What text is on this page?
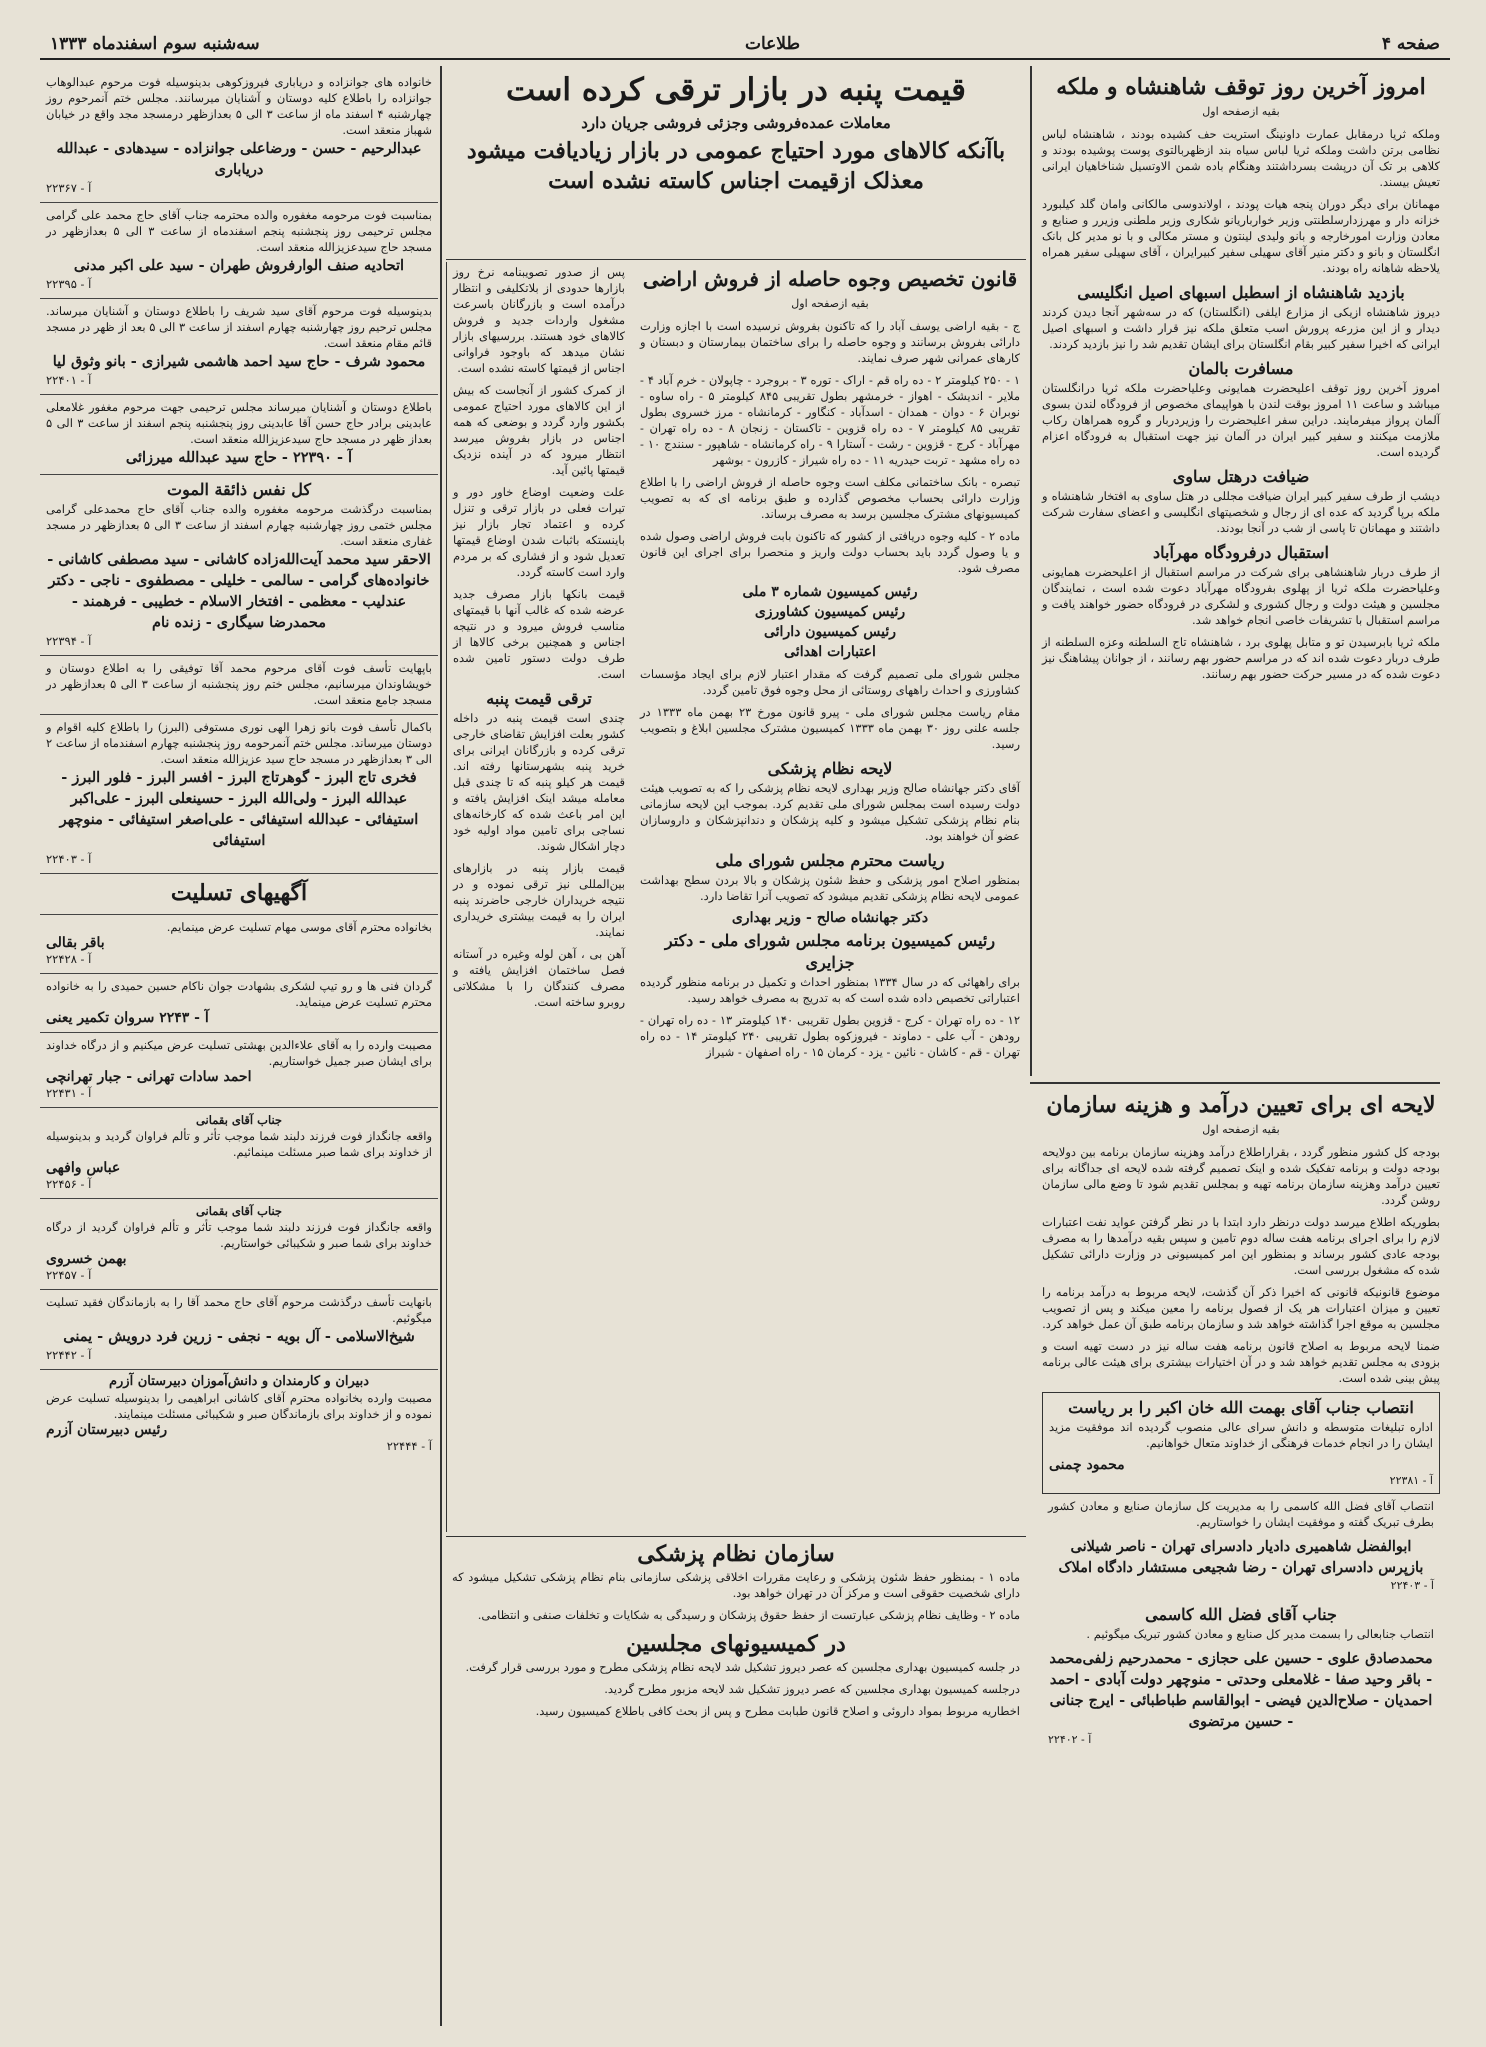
صفحه ۴
طلاعات
سه‌شنبه سوم اسفندماه ۱۳۳۳
امروز آخرین روز توقف شاهنشاه و ملکه
بقیه ازصفحه اول

وملکه ثریا درمقابل عمارت داونینگ استریت حف کشیده بودند ، شاهنشاه لباس نظامی برتن داشت وملکه ثریا لباس سیاه بند ازظهربالتوی پوست پوشیده بودند و کلاهی بر تک آن درپشت بسرداشتند وهنگام باده شمن الاوتسیل شناخاهیان ایرانی تعیش بیسند.

مهمانان برای دیگر دوران پنجه هیات پودند ، اولاندوسی مالکانی وامان گلد کیلبورد خزانه دار و مهرزدارسلطنتی وزیر خوارباریانو شکاری وزیر ملطنی وزیرر و صنایع و معادن وزارت امورخارجه و بانو ولیدی لینتون و مستر مکالی و با نو مدیر کل بانک انگلستان و بانو و دکتر منیر آقای سهیلی سفیر کبیرایران ، آقای سهیلی سفیر همراه یلاحظه شاهانه راه بودند.

بازدید شاهنشاه از اسطبل اسبهای اصیل انگلیسی

دیروز شاهنشاه ازیکی از مزارع ایلفی (انگلستان) که در سه‌شهر آنجا دیدن کردند دیدار و از این مزرعه پرورش اسب متعلق ملکه نیز قرار داشت و اسبهای اصیل ایرانی که اخیرا سفیر کبیر بقام انگلستان برای ایشان تقدیم شد را نیز بازدید کردند.

مسافرت بالمان

امروز آخرین روز توقف اعلیحضرت همایونی وعلیاحضرت ملکه ثریا درانگلستان میباشد و ساعت ۱۱ امروز بوقت لندن با هواپیمای مخصوص از فرودگاه لندن بسوی آلمان پرواز میفرمایند. دراین سفر اعلیحضرت را وزیردربار و گروه همراهان رکاب ملازمت میکنند و سفیر کبیر ایران در آلمان نیز جهت استقبال به فرودگاه اعزام گردیده است.

ضیافت درهتل ساوی

دیشب از طرف سفیر کبیر ایران ضیافت مجللی در هتل ساوی به افتخار شاهنشاه و ملکه برپا گردید که عده ای از رجال و شخصیتهای انگلیسی و اعضای سفارت شرکت داشتند و مهمانان تا پاسی از شب در آنجا بودند.

استقبال درفرودگاه مهرآباد

از طرف دربار شاهنشاهی برای شرکت در مراسم استقبال از اعلیحضرت همایونی وعلیاحضرت ملکه ثریا از پهلوی بفرودگاه مهرآباد دعوت شده است ، نمایندگان مجلسین و هیئت دولت و رجال کشوری و لشکری در فرودگاه حضور خواهند یافت و مراسم استقبال با تشریفات خاصی انجام خواهد شد.

ملکه ثریا بابرسیدن تو و متابل پهلوی برد ، شاهنشاه تاج السلطنه وعزه السلطنه از طرف دربار دعوت شده اند که در مراسم حضور بهم رسانند ، از جوانان پیشاهنگ نیز دعوت شده که در مسیر حرکت حضور بهم رسانند.

لایحه ای برای تعیین درآمد و هزینه سازمان
بقیه ازصفحه اول

بودجه کل کشور منظور گردد ، بقراراطلاع درآمد وهزینه سازمان برنامه بین دولایحه بودجه دولت و برنامه تفکیک شده و اینک تصمیم گرفته شده لایحه ای جداگانه برای تعیین درآمد وهزینه سازمان برنامه تهیه و بمجلس تقدیم شود تا وضع مالی سازمان روشن گردد.

بطوریکه اطلاع میرسد دولت درنظر دارد ابتدا با در نظر گرفتن عواید نفت اعتبارات لازم را برای اجرای برنامه هفت ساله دوم تامین و سپس بقیه درآمدها را به مصرف بودجه عادی کشور برساند و بمنظور این امر کمیسیونی در وزارت دارائی تشکیل شده که مشغول بررسی است.

موضوع قانونیکه قانونی که اخیرا ذکر آن گذشت، لایحه مربوط به درآمد برنامه را تعیین و میزان اعتبارات هر یک از فصول برنامه را معین میکند و پس از تصویب مجلسین به موقع اجرا گذاشته خواهد شد و سازمان برنامه طبق آن عمل خواهد کرد.

ضمنا لایحه مربوط به اصلاح قانون برنامه هفت ساله نیز در دست تهیه است و بزودی به مجلس تقدیم خواهد شد و در آن اختیارات بیشتری برای هیئت عالی برنامه پیش بینی شده است.

انتصاب جناب آقای بهمت الله خان اکبر را بر ریاست

اداره تبلیغات متوسطه و دانش سرای عالی منصوب گردیده اند موفقیت مزید ایشان را در انجام خدمات فرهنگی از خداوند متعال خواهانیم.

محمود چمنی
آ - ۲۲۳۸۱

انتصاب آقای فضل الله کاسمی را به مدیریت کل سازمان صنایع و معادن کشور بطرف تبریک گفته و موفقیت ایشان را خواستاریم.

ابوالفضل شاهمیری دادیار دادسرای تهران - ناصر شیلانی بازپرس دادسرای تهران - رضا شجیعی مستشار دادگاه املاک
آ - ۲۲۴۰۳
جناب آقای فضل الله کاسمی

انتصاب جنابعالی را بسمت مدیر کل صنایع و معادن کشور تبریک میگوئیم .

محمدصادق علوی - حسین علی حجازی - محمدرحیم زلفی‌محمد - باقر وحید صفا - غلامعلی وحدتی - منوچهر دولت آبادی - احمد احمدیان - صلاح‌الدین فیضی - ابوالقاسم طباطبائی - ایرج جنانی - حسین مرتضوی
آ - ۲۲۴۰۲
قیمت پنبه در بازار ترقی کرده است
معاملات عمده‌فروشی وجزئی فروشی جریان دارد
باآنکه کالاهای مورد احتیاج عمومی در بازار زیادیافت میشود
معذلک ازقیمت اجناس کاسته نشده است

پس از صدور تصویبنامه نرخ روز بازارها حدودی از بلاتکلیفی و انتظار درآمده است و بازرگانان باسرعت مشغول واردات جدید و فروش کالاهای خود هستند. بررسیهای بازار نشان میدهد که باوجود فراوانی اجناس از قیمتها کاسته نشده است.

از کمرک کشور از آنجاست که بیش از این کالاهای مورد احتیاج عمومی بکشور وارد گردد و بوضعی که همه اجناس در بازار بفروش میرسد انتظار میرود که در آینده نزدیک قیمتها پائین آید.

علت وضعیت اوضاع خاور دور و تیرات فعلی در بازار ترقی و تنزل کرده و اعتماد تجار بازار نیز باینستکه باثبات شدن اوضاع قیمتها تعدیل شود و از فشاری که بر مردم وارد است کاسته گردد.

قیمت بانکها بازار مصرف جدید عرضه شده که غالب آنها با قیمتهای مناسب فروش میرود و در نتیجه اجناس و همچنین برخی کالاها از طرف دولت دستور تامین شده است.

ترقی قیمت پنبه

چندی است قیمت پنبه در داخله کشور بعلت افزایش تقاضای خارجی ترقی کرده و بازرگانان ایرانی برای خرید پنبه بشهرستانها رفته اند. قیمت هر کیلو پنبه که تا چندی قبل معامله میشد اینک افزایش یافته و این امر باعث شده که کارخانه‌های نساجی برای تامین مواد اولیه خود دچار اشکال شوند.

قیمت بازار پنبه در بازارهای بین‌المللی نیز ترقی نموده و در نتیجه خریداران خارجی حاضرند پنبه ایران را به قیمت بیشتری خریداری نمایند.

آهن بی ، آهن لوله وغیره در آستانه فصل ساختمان افزایش یافته و مصرف کنندگان را با مشکلاتی روبرو ساخته است.

قانون تخصیص وجوه حاصله از فروش اراضی
بقیه ازصفحه اول

ج - بقیه اراضی یوسف آباد را که تاکنون بفروش نرسیده است با اجازه وزارت دارائی بفروش برسانند و وجوه حاصله را برای ساختمان بیمارستان و دبستان و کارهای عمرانی شهر صرف نمایند.

۱ - ۲۵۰ کیلومتر ۲ - ده راه قم - اراک - توره ۳ - بروجرد - چاپولان - خرم آباد ۴ - ملایر - اندیشک - اهواز - خرمشهر بطول تقریبی ۸۴۵ کیلومتر ۵ - راه ساوه - نوبران ۶ - دوان - همدان - اسدآباد - کنگاور - کرمانشاه - مرز خسروی بطول تقریبی ۸۵ کیلومتر ۷ - ده راه قزوین - تاکستان - زنجان ۸ - ده راه تهران - مهرآباد - کرج - قزوین - رشت - آستارا ۹ - راه کرمانشاه - شاهپور - سنندج ۱۰ - ده راه مشهد - تربت حیدریه ۱۱ - ده راه شیراز - کازرون - بوشهر

تبصره - بانک ساختمانی مکلف است وجوه حاصله از فروش اراضی را با اطلاع وزارت دارائی بحساب مخصوص گذارده و طبق برنامه ای که به تصویب کمیسیونهای مشترک مجلسین برسد به مصرف برساند.

ماده ۲ - کلیه وجوه دریافتی از کشور که تاکنون بابت فروش اراضی وصول شده و یا وصول گردد باید بحساب دولت واریز و منحصرا برای اجرای این قانون مصرف شود.

رئیس کمیسیون شماره ۳ ملی
رئیس کمیسیون کشاورزی
رئیس کمیسیون دارائی
اعتبارات اهدائی

مجلس شورای ملی تصمیم گرفت که مقدار اعتبار لازم برای ایجاد مؤسسات کشاورزی و احداث راههای روستائی از محل وجوه فوق تامین گردد.

مقام ریاست مجلس شورای ملی - پیرو قانون مورخ ۲۳ بهمن ماه ۱۳۳۳ در جلسه علنی روز ۳۰ بهمن ماه ۱۳۳۳ کمیسیون مشترک مجلسین ابلاغ و بتصویب رسید.

لایحه نظام پزشکی

آقای دکتر جهانشاه صالح وزیر بهداری لایحه نظام پزشکی را که به تصویب هیئت دولت رسیده است بمجلس شورای ملی تقدیم کرد. بموجب این لایحه سازمانی بنام نظام پزشکی تشکیل میشود و کلیه پزشکان و دندانپزشکان و داروسازان عضو آن خواهند بود.

ریاست محترم مجلس شورای ملی

بمنظور اصلاح امور پزشکی و حفظ شئون پزشکان و بالا بردن سطح بهداشت عمومی لایحه نظام پزشکی تقدیم میشود که تصویب آنرا تقاضا دارد.

دکتر جهانشاه صالح - وزیر بهداری
رئیس کمیسیون برنامه مجلس شورای ملی - دکتر جزایری

برای راههائی که در سال ۱۳۳۴ بمنظور احداث و تکمیل در برنامه منظور گردیده اعتباراتی تخصیص داده شده است که به تدریج به مصرف خواهد رسید.

۱۲ - ده راه تهران - کرج - قزوین بطول تقریبی ۱۴۰ کیلومتر ۱۳ - ده راه تهران - رودهن - آب علی - دماوند - فیروزکوه بطول تقریبی ۲۴۰ کیلومتر ۱۴ - ده راه تهران - قم - کاشان - نائین - یزد - کرمان ۱۵ - راه اصفهان - شیراز

سازمان نظام پزشکی

ماده ۱ - بمنظور حفظ شئون پزشکی و رعایت مقررات اخلاقی پزشکی سازمانی بنام نظام پزشکی تشکیل میشود که دارای شخصیت حقوقی است و مرکز آن در تهران خواهد بود.

ماده ۲ - وظایف نظام پزشکی عبارتست از حفظ حقوق پزشکان و رسیدگی به شکایات و تخلفات صنفی و انتظامی.

در کمیسیونهای مجلسین

در جلسه کمیسیون بهداری مجلسین که عصر دیروز تشکیل شد لایحه نظام پزشکی مطرح و مورد بررسی قرار گرفت.

درجلسه کمیسیون بهداری مجلسین که عصر دیروز تشکیل شد لایحه مزبور مطرح گردید.

اخطاریه مربوط بمواد داروئی و اصلاح قانون طبابت مطرح و پس از بحث کافی باطلاع کمیسیون رسید.

خانواده های جوانزاده و دریاباری فیروزکوهی بدینوسیله فوت مرحوم عبدالوهاب جوانزاده را باطلاع کلیه دوستان و آشنایان میرسانند. مجلس ختم آنمرحوم روز چهارشنبه ۴ اسفند ماه از ساعت ۳ الی ۵ بعدازظهر درمسجد مجد واقع در خیابان شهباز منعقد است.

عبدالرحیم - حسن - ورضاعلی جوانزاده - سیدهادی - عبدالله دریاباری
آ - ۲۲۳۶۷

بمناسبت فوت مرحومه مغفوره والده محترمه جناب آقای حاج محمد علی گرامی مجلس ترحیمی روز پنجشنبه پنجم اسفندماه از ساعت ۳ الی ۵ بعدازظهر در مسجد حاج سیدعزیزالله منعقد است.

اتحادیه صنف الوارفروش طهران - سید علی اکبر مدنی
آ - ۲۲۳۹۵

بدینوسیله فوت مرحوم آقای سید شریف را باطلاع دوستان و آشنایان میرساند. مجلس ترحیم روز چهارشنبه چهارم اسفند از ساعت ۳ الی ۵ بعد از ظهر در مسجد قائم مقام منعقد است.

محمود شرف - حاج سید احمد هاشمی شیرازی - بانو وثوق لیا
آ - ۲۲۴۰۱

باطلاع دوستان و آشنایان میرساند مجلس ترحیمی جهت مرحوم مغفور غلامعلی عابدینی برادر حاج حسن آقا عابدینی روز پنجشنبه پنجم اسفند از ساعت ۳ الی ۵ بعداز ظهر در مسجد حاج سیدعزیزالله منعقد است.

آ - ۲۲۳۹۰ - حاج سید عبدالله میرزائی
کل نفس ذائقة الموت

بمناسبت درگذشت مرحومه مغفوره والده جناب آقای حاج محمدعلی گرامی مجلس ختمی روز چهارشنبه چهارم اسفند از ساعت ۳ الی ۵ بعدازظهر در مسجد غفاری منعقد است.

الاحقر سید محمد آیت‌الله‌زاده کاشانی - سید مصطفی کاشانی - خانواده‌های گرامی - سالمی - خلیلی - مصطفوی - ناجی - دکتر عندلیب - معظمی - افتخار الاسلام - خطیبی - فرهمند - محمدرضا سیگاری - زنده نام
آ - ۲۲۳۹۴

باپهایت تأسف فوت آقای مرحوم محمد آقا توفیقی را به اطلاع دوستان و خویشاوندان میرسانیم، مجلس ختم روز پنجشنبه از ساعت ۳ الی ۵ بعدازظهر در مسجد جامع منعقد است.

باکمال تأسف فوت بانو زهرا الهی نوری مستوفی (البرز) را باطلاع کلیه اقوام و دوستان میرساند. مجلس ختم آنمرحومه روز پنجشنبه چهارم اسفندماه از ساعت ۲ الی ۳ بعدازظهر در مسجد حاج سید عزیزالله منعقد است.

فخری تاج البرز - گوهرتاج البرز - افسر البرز - فلور البرز - عبدالله البرز - ولی‌الله البرز - حسینعلی البرز - علی‌اکبر استیفائی - عبدالله استیفائی - علی‌اصغر استیفائی - منوچهر استیفائی
آ - ۲۲۴۰۳
آگهیهای تسلیت

بخانواده محترم آقای موسی مهام تسلیت عرض مینمایم.

باقر بقالی
آ - ۲۲۴۲۸

گردان فنی ها و رو تیپ لشکری بشهادت جوان ناکام حسین حمیدی را به خانواده محترم تسلیت عرض مینماید.

آ - ۲۲۴۳ سروان تکمیر یعنی

مصیبت وارده را به آقای علاءالدین بهشتی تسلیت عرض میکنیم و از درگاه خداوند برای ایشان صبر جمیل خواستاریم.

احمد سادات تهرانی - جبار تهرانچی
آ - ۲۲۴۳۱
جناب آقای بقمانی

واقعه جانگداز فوت فرزند دلبند شما موجب تأثر و تألم فراوان گردید و بدینوسیله از خداوند برای شما صبر مسئلت مینمائیم.

عباس وافهی
آ - ۲۲۴۵۶
جناب آقای بقمانی

واقعه جانگداز فوت فرزند دلبند شما موجب تأثر و تألم فراوان گردید از درگاه خداوند برای شما صبر و شکیبائی خواستاریم.

بهمن خسروی
آ - ۲۲۴۵۷

بانهایت تأسف درگذشت مرحوم آقای حاج محمد آقا را به بازماندگان فقید تسلیت میگوئیم.

شیخ‌الاسلامی - آل بویه - نجفی - زرین فرد درویش - یمنی
آ - ۲۲۴۴۲
دبیران و کارمندان و دانش‌آموزان دبیرستان آزرم

مصیبت وارده بخانواده محترم آقای کاشانی ابراهیمی را بدینوسیله تسلیت عرض نموده و از خداوند برای بازماندگان صبر و شکیبائی مسئلت مینمایند.

رئیس دبیرستان آزرم
آ - ۲۲۴۴۴
